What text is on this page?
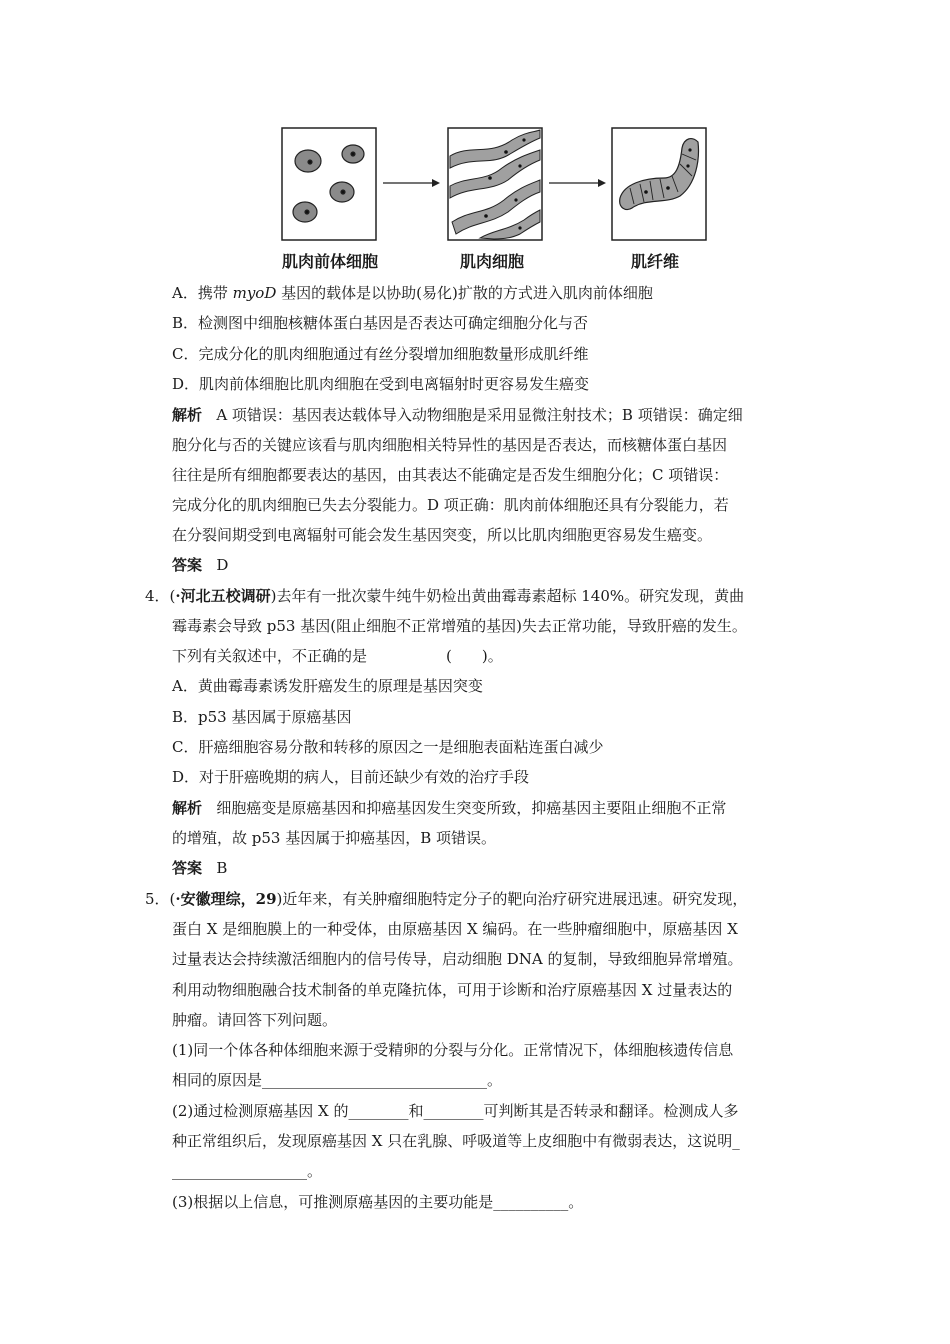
肌肉前体细胞	肌肉细胞	肌纤维
A．携带 myoD 基因的载体是以协助(易化)扩散的方式进入肌肉前体细胞
B．检测图中细胞核糖体蛋白基因是否表达可确定细胞分化与否
C．完成分化的肌肉细胞通过有丝分裂增加细胞数量形成肌纤维
D．肌肉前体细胞比肌肉细胞在受到电离辐射时更容易发生癌变
解析 A 项错误：基因表达载体导入动物细胞是采用显微注射技术；B 项错误：确定细
胞分化与否的关键应该看与肌肉细胞相关特异性的基因是否表达，而核糖体蛋白基因
往往是所有细胞都要表达的基因，由其表达不能确定是否发生细胞分化；C 项错误：
完成分化的肌肉细胞已失去分裂能力。D 项正确：肌肉前体细胞还具有分裂能力，若
在分裂间期受到电离辐射可能会发生基因突变，所以比肌肉细胞更容易发生癌变。
答案 D
4．(·河北五校调研)去年有一批次蒙牛纯牛奶检出黄曲霉毒素超标 140%。研究发现，黄曲
霉毒素会导致 p53 基因(阻止细胞不正常增殖的基因)失去正常功能，导致肝癌的发生。
下列有关叙述中，不正确的是	(　　)。
A．黄曲霉毒素诱发肝癌发生的原理是基因突变
B．p53 基因属于原癌基因
C．肝癌细胞容易分散和转移的原因之一是细胞表面粘连蛋白减少
D．对于肝癌晚期的病人，目前还缺少有效的治疗手段
解析 细胞癌变是原癌基因和抑癌基因发生突变所致，抑癌基因主要阻止细胞不正常
的增殖，故 p53 基因属于抑癌基因，B 项错误。
答案 B
5．(·安徽理综，29)近年来，有关肿瘤细胞特定分子的靶向治疗研究进展迅速。研究发现，
蛋白 X 是细胞膜上的一种受体，由原癌基因 X 编码。在一些肿瘤细胞中，原癌基因 X
过量表达会持续激活细胞内的信号传导，启动细胞 DNA 的复制，导致细胞异常增殖。
利用动物细胞融合技术制备的单克隆抗体，可用于诊断和治疗原癌基因 X 过量表达的
肿瘤。请回答下列问题。
(1)同一个体各种体细胞来源于受精卵的分裂与分化。正常情况下，体细胞核遗传信息
相同的原因是______________________________。
(2)通过检测原癌基因 X 的________和________可判断其是否转录和翻译。检测成人多
种正常组织后，发现原癌基因 X 只在乳腺、呼吸道等上皮细胞中有微弱表达，这说明_
__________________。
(3)根据以上信息，可推测原癌基因的主要功能是__________。
